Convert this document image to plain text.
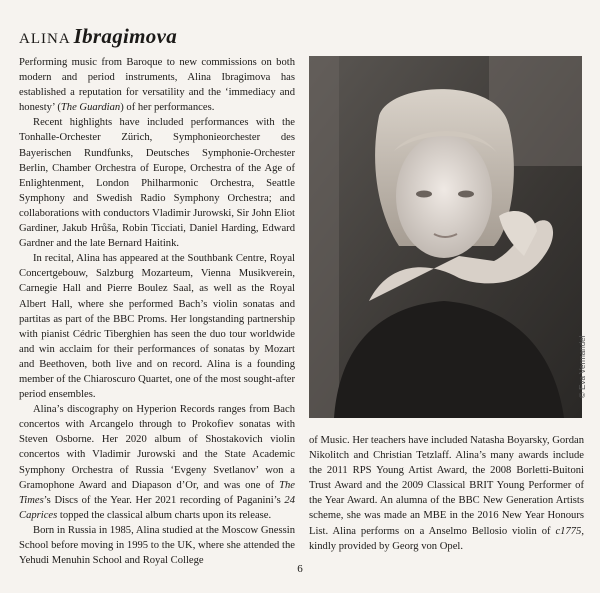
ALINA Ibragimova

Performing music from Baroque to new commissions on both modern and period instruments, Alina Ibragimova has established a reputation for versatility and the ‘immediacy and honesty’ (The Guardian) of her performances.

Recent highlights have included performances with the Tonhalle-Orchester Zürich, Symphonieorchester des Bayerischen Rundfunks, Deutsches Symphonie-Orchester Berlin, Chamber Orchestra of Europe, Orchestra of the Age of Enlightenment, London Philharmonic Orchestra, Seattle Symphony and Swedish Radio Symphony Orchestra; and collaborations with conductors Vladimir Jurowski, Sir John Eliot Gardiner, Jakub Hrůša, Robin Ticciati, Daniel Harding, Edward Gardner and the late Bernard Haitink.

In recital, Alina has appeared at the Southbank Centre, Royal Concertgebouw, Salzburg Mozarteum, Vienna Musikverein, Carnegie Hall and Pierre Boulez Saal, as well as the Royal Albert Hall, where she performed Bach’s violin sonatas and partitas as part of the BBC Proms. Her longstanding partnership with pianist Cédric Tiberghien has seen the duo tour worldwide and win acclaim for their performances of sonatas by Mozart and Beethoven, both live and on record. Alina is a founding member of the Chiaroscuro Quartet, one of the most sought-after period ensembles.

Alina’s discography on Hyperion Records ranges from Bach concertos with Arcangelo through to Prokofiev sonatas with Steven Osborne. Her 2020 album of Shostakovich violin concertos with Vladimir Jurowski and the State Academic Symphony Orchestra of Russia ‘Evgeny Svetlanov’ won a Gramophone Award and Diapason d’Or, and was one of The Times’s Discs of the Year. Her 2021 recording of Paganini’s 24 Caprices topped the classical album charts upon its release.

Born in Russia in 1985, Alina studied at the Moscow Gnessin School before moving in 1995 to the UK, where she attended the Yehudi Menuhin School and Royal College

© Eva Vermandel

of Music. Her teachers have included Natasha Boyarsky, Gordan Nikolitch and Christian Tetzlaff. Alina’s many awards include the 2011 RPS Young Artist Award, the 2008 Borletti-Buitoni Trust Award and the 2009 Classical BRIT Young Performer of the Year Award. An alumna of the BBC New Generation Artists scheme, she was made an MBE in the 2016 New Year Honours List. Alina performs on a Anselmo Bellosio violin of c1775, kindly provided by Georg von Opel.

6
